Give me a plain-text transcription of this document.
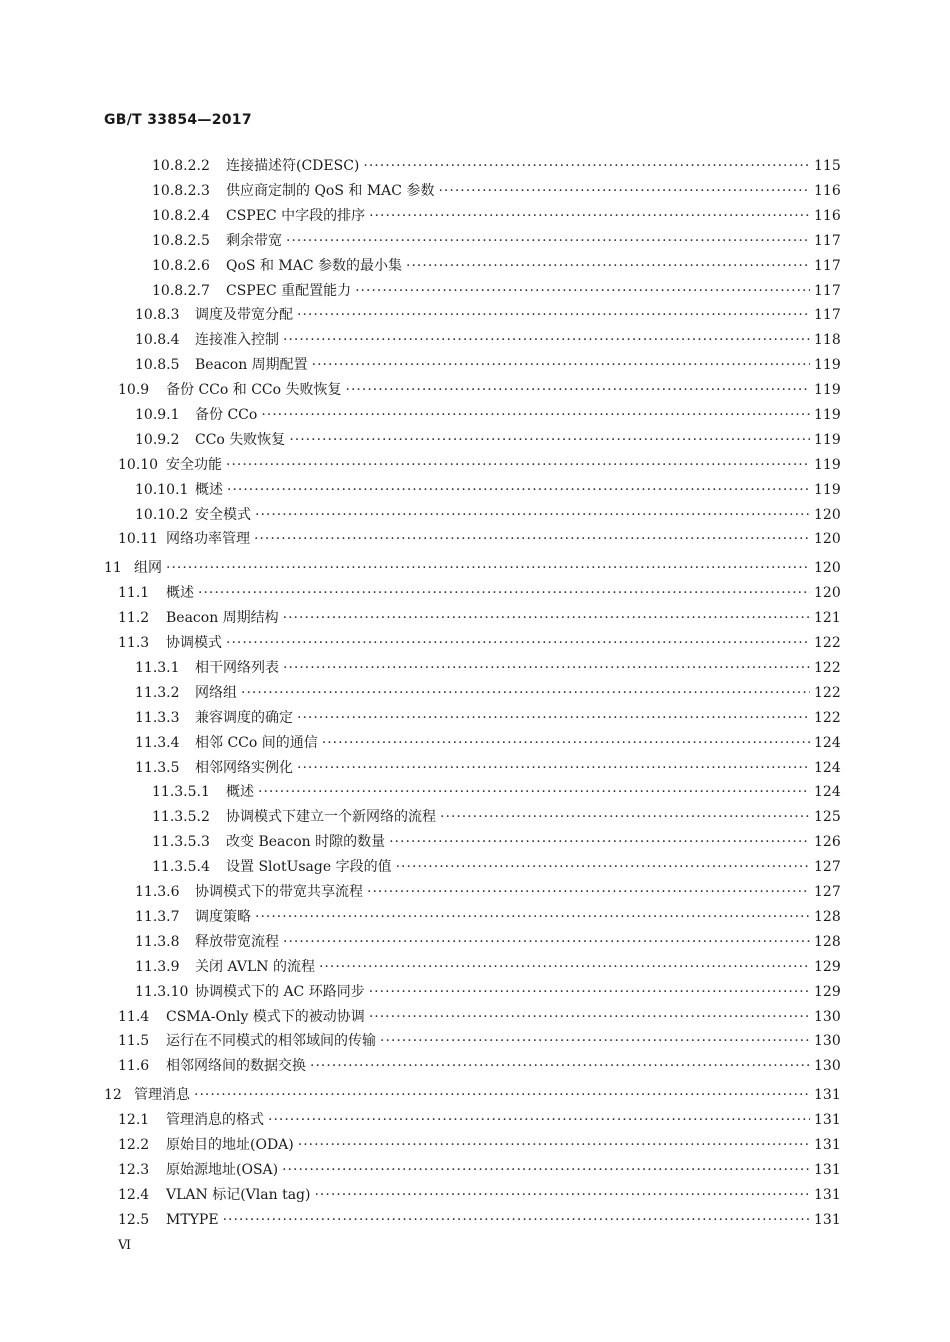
GB/T 33854—2017
10.8.2.2	连接描述符(CDESC) ·····	115
10.8.2.3	供应商定制的 QoS 和 MAC 参数 ·····	116
10.8.2.4	CSPEC 中字段的排序 ·····	116
10.8.2.5	剩余带宽 ·····	117
10.8.2.6	QoS 和 MAC 参数的最小集 ·····	117
10.8.2.7	CSPEC 重配置能力 ·····	117
10.8.3	调度及带宽分配 ·····	117
10.8.4	连接准入控制 ·····	118
10.8.5	Beacon 周期配置 ·····	119
10.9	备份 CCo 和 CCo 失败恢复 ·····	119
10.9.1	备份 CCo ·····	119
10.9.2	CCo 失败恢复 ·····	119
10.10 安全功能 ·····	119
10.10.1 概述 ·····	119
10.10.2 安全模式 ·····	120
10.11 网络功率管理 ·····	120
11 组网 ·····	120
11.1	概述 ·····	120
11.2	Beacon 周期结构 ·····	121
11.3	协调模式 ·····	122
11.3.1	相干网络列表 ·····	122
11.3.2	网络组 ·····	122
11.3.3	兼容调度的确定 ·····	122
11.3.4	相邻 CCo 间的通信 ·····	124
11.3.5	相邻网络实例化 ·····	124
11.3.5.1	概述 ·····	124
11.3.5.2	协调模式下建立一个新网络的流程 ·····	125
11.3.5.3	改变 Beacon 时隙的数量 ·····	126
11.3.5.4	设置 SlotUsage 字段的值 ·····	127
11.3.6	协调模式下的带宽共享流程 ·····	127
11.3.7	调度策略 ·····	128
11.3.8	释放带宽流程 ·····	128
11.3.9	关闭 AVLN 的流程 ·····	129
11.3.10 协调模式下的 AC 环路同步 ·····	129
11.4	CSMA-Only 模式下的被动协调 ·····	130
11.5	运行在不同模式的相邻域间的传输 ·····	130
11.6	相邻网络间的数据交换 ·····	130
12 管理消息 ·····	131
12.1	管理消息的格式 ·····	131
12.2	原始目的地址(ODA) ·····	131
12.3	原始源地址(OSA) ·····	131
12.4	VLAN 标记(Vlan tag) ·····	131
12.5	MTYPE ·····	131
Ⅵ
